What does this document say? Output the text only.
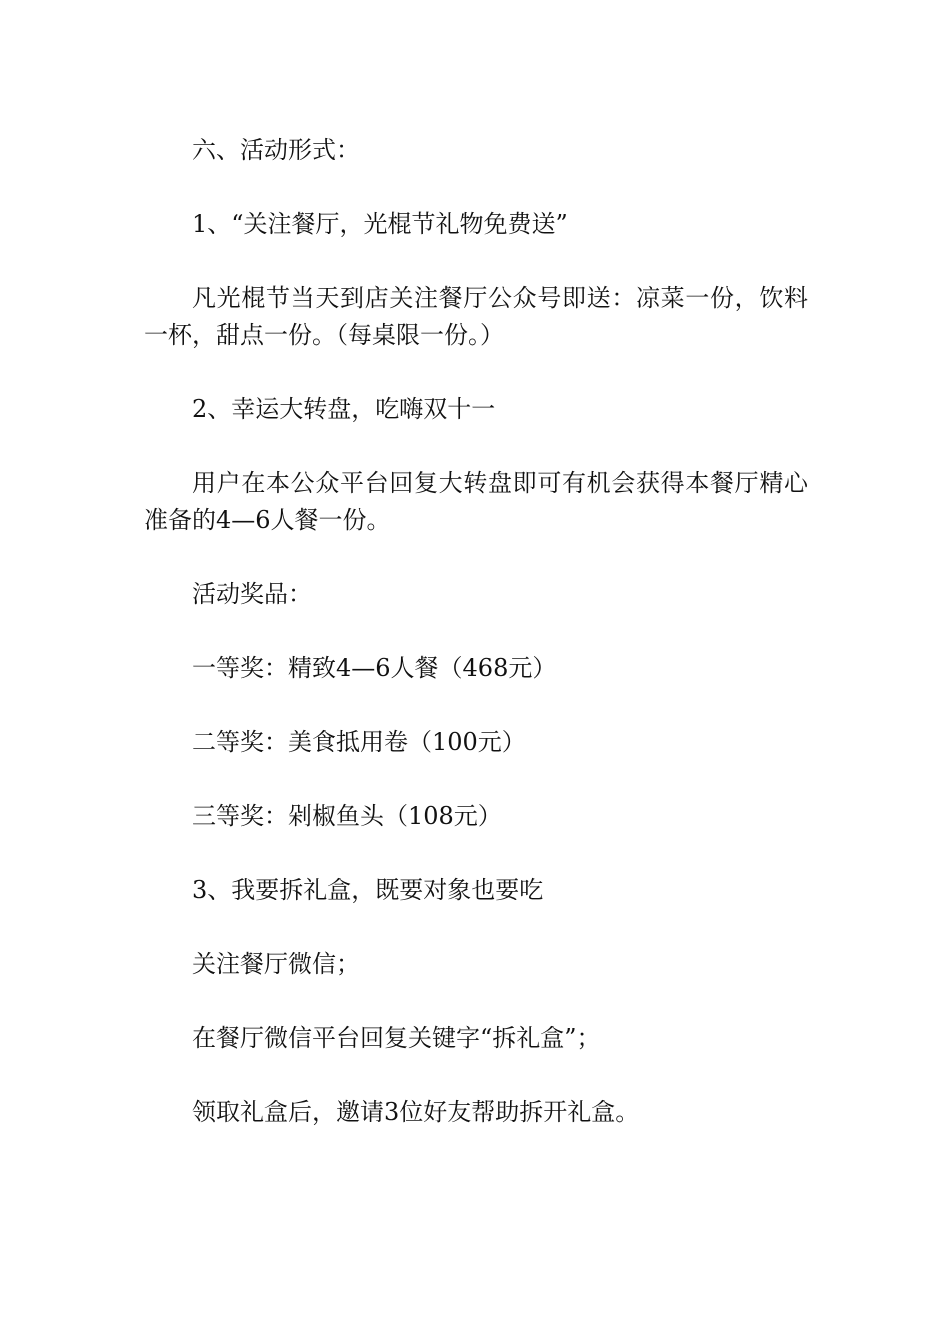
六、活动形式：

1、“关注餐厅，光棍节礼物免费送”

凡光棍节当天到店关注餐厅公众号即送：凉菜一份，饮料一杯，甜点一份。（每桌限一份。）

2、幸运大转盘，吃嗨双十一

用户在本公众平台回复大转盘即可有机会获得本餐厅精心准备的4—6人餐一份。

活动奖品：

一等奖：精致4—6人餐（468元）

二等奖：美食抵用卷（100元）

三等奖：剁椒鱼头（108元）

3、我要拆礼盒，既要对象也要吃

关注餐厅微信；

在餐厅微信平台回复关键字“拆礼盒”；

领取礼盒后，邀请3位好友帮助拆开礼盒。
